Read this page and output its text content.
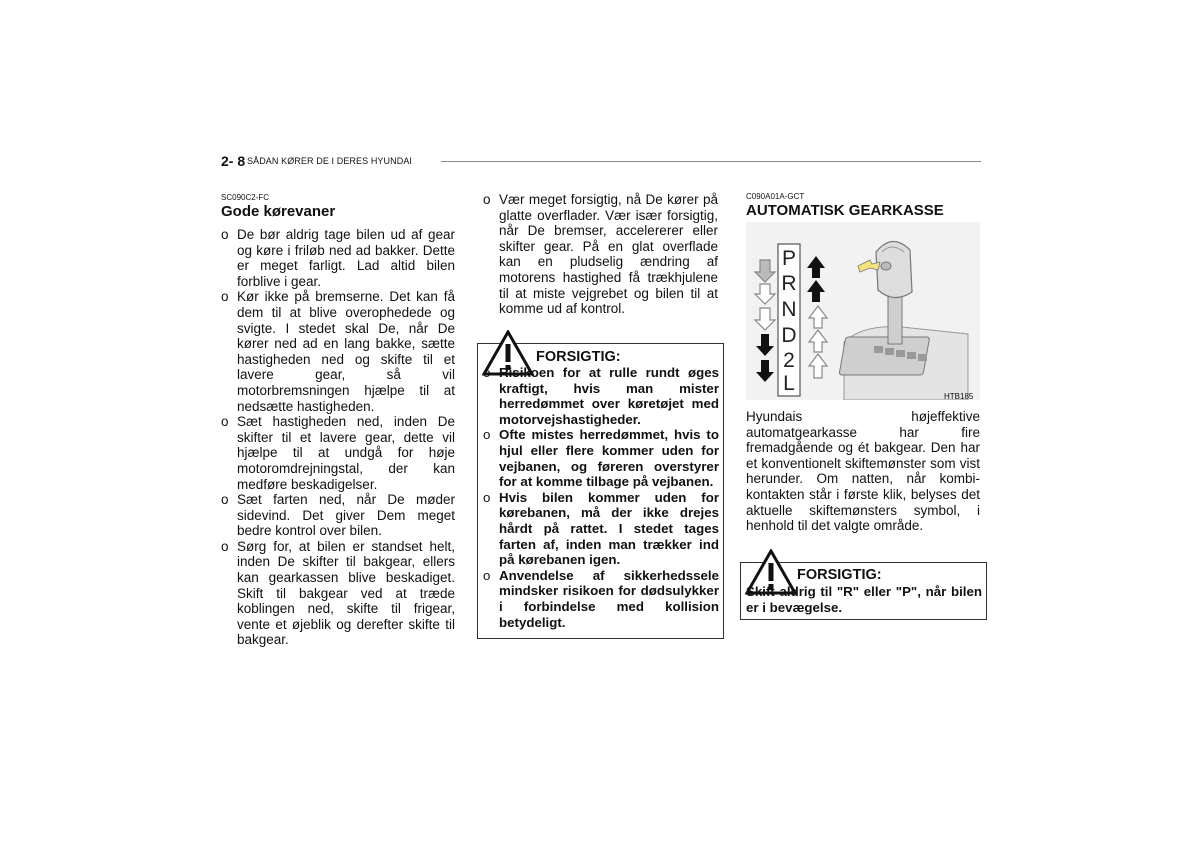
2- 8 SÅDAN KØRER DE I DERES HYUNDAI
SC090C2-FC
Gode kørevaner
o De bør aldrig tage bilen ud af gear og køre i friløb ned ad bakker. Dette er meget farligt. Lad altid bilen forblive i gear.
o Kør ikke på bremserne. Det kan få dem til at blive overophedede og svigte. I stedet skal De, når De kører ned ad en lang bakke, sætte hastigheden ned og skifte til et lavere gear, så vil motorbremsningen hjælpe til at nedsætte hastigheden.
o Sæt hastigheden ned, inden De skifter til et lavere gear, dette vil hjælpe til at undgå for høje motoromdrejningstal, der kan medføre beskadigelser.
o Sæt farten ned, når De møder sidevind. Det giver Dem meget bedre kontrol over bilen.
o Sørg for, at bilen er standset helt, inden De skifter til bakgear, ellers kan gearkassen blive beskadiget. Skift til bakgear ved at træde koblingen ned, skifte til frigear, vente et øjeblik og derefter skifte til bakgear.
o Vær meget forsigtig, nå De kører på glatte overflader. Vær især forsigtig, når De bremser, accelererer eller skifter gear. På en glat overflade kan en pludselig ændring af motorens hastighed få trækhjulene til at miste vejgrebet og bilen til at komme ud af kontrol.
FORSIGTIG:
o Risikoen for at rulle rundt øges kraftigt, hvis man mister herredømmet over køretøjet med motorvejshastigheder.
o Ofte mistes herredømmet, hvis to hjul eller flere kommer uden for vejbanen, og føreren overstyrer for at komme tilbage på vejbanen.
o Hvis bilen kommer uden for kørebanen, må der ikke drejes hårdt på rattet. I stedet tages farten af, inden man trækker ind på kørebanen igen.
o Anvendelse af sikkerhedsselе mindsker risikoen for dødsulykker i forbindelse med kollision betydeligt.
C090A01A-GCT
AUTOMATISK GEARKASSE
P
R
N
D
2
L
HTB185
Hyundais højeffektive automatgearkasse har fire fremadgående og ét bakgear. Den har et konventionelt skiftemønster som vist herunder. Om natten, når kombi-kontakten står i første klik, belyses det aktuelle skiftemønsters symbol, i henhold til det valgte område.
FORSIGTIG:
Skift aldrig til "R" eller "P", når bilen er i bevægelse.
